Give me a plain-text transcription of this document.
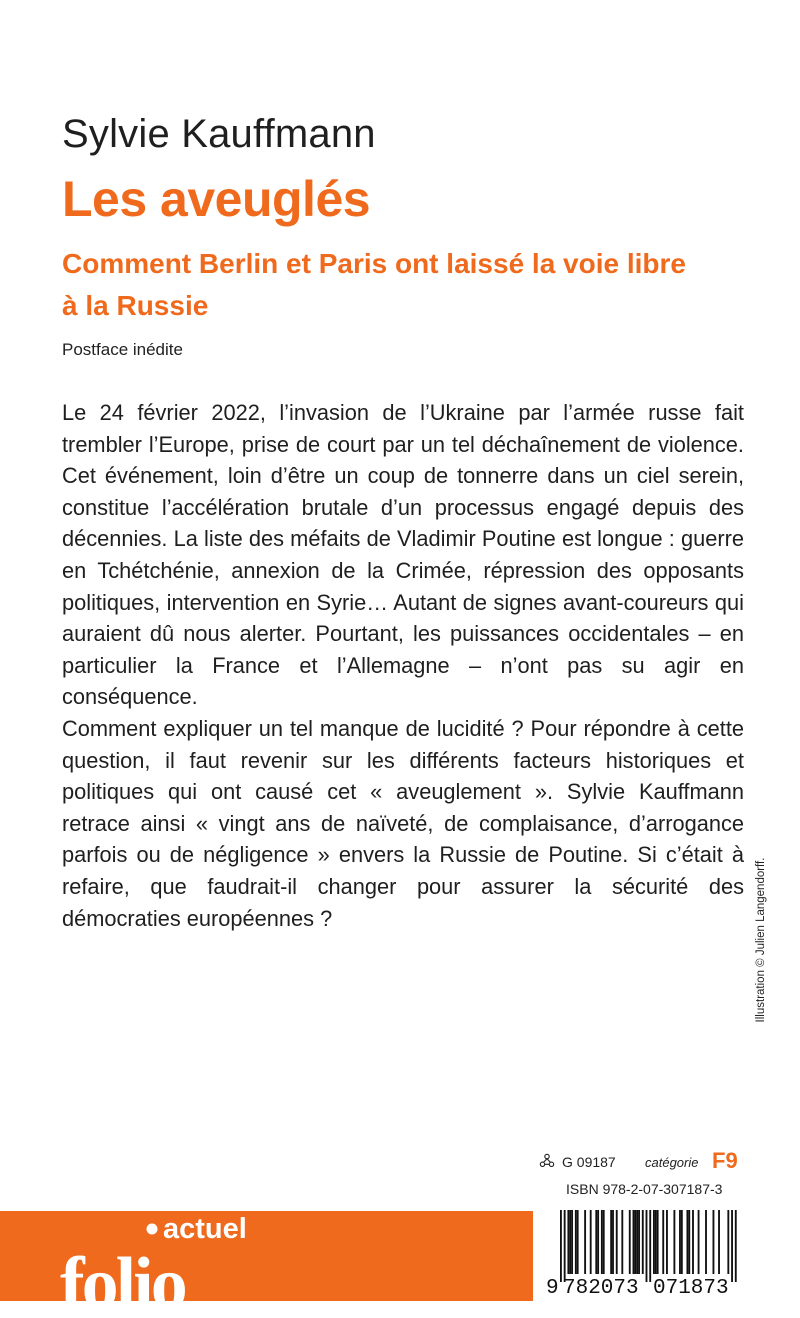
Sylvie Kauffmann
Les aveuglés
Comment Berlin et Paris ont laissé la voie libre
à la Russie
Postface inédite

Le 24 février 2022, l’invasion de l’Ukraine par l’armée russe fait trembler l’Europe, prise de court par un tel déchaînement de violence. Cet événement, loin d’être un coup de tonnerre dans un ciel serein, constitue l’accélération brutale d’un processus engagé depuis des décennies. La liste des méfaits de Vladimir Poutine est longue : guerre en Tchétchénie, annexion de la Crimée, répression des opposants politiques, intervention en Syrie… Autant de signes avant-coureurs qui auraient dû nous alerter. Pourtant, les puissances occidentales – en particulier la France et l’Allemagne – n’ont pas su agir en conséquence.

Comment expliquer un tel manque de lucidité ? Pour répondre à cette question, il faut revenir sur les différents facteurs historiques et politiques qui ont causé cet « aveuglement ». Sylvie Kauffmann retrace ainsi « vingt ans de naïveté, de complaisance, d’arrogance parfois ou de négligence » envers la Russie de Poutine. Si c’était à refaire, que faudrait-il changer pour assurer la sécurité des démocraties européennes ?	Illustration © Julien Langendorff.
G 09187 catégorie F9
ISBN 978-2-07-307187-3
folio
actuel
9 782073 071873
